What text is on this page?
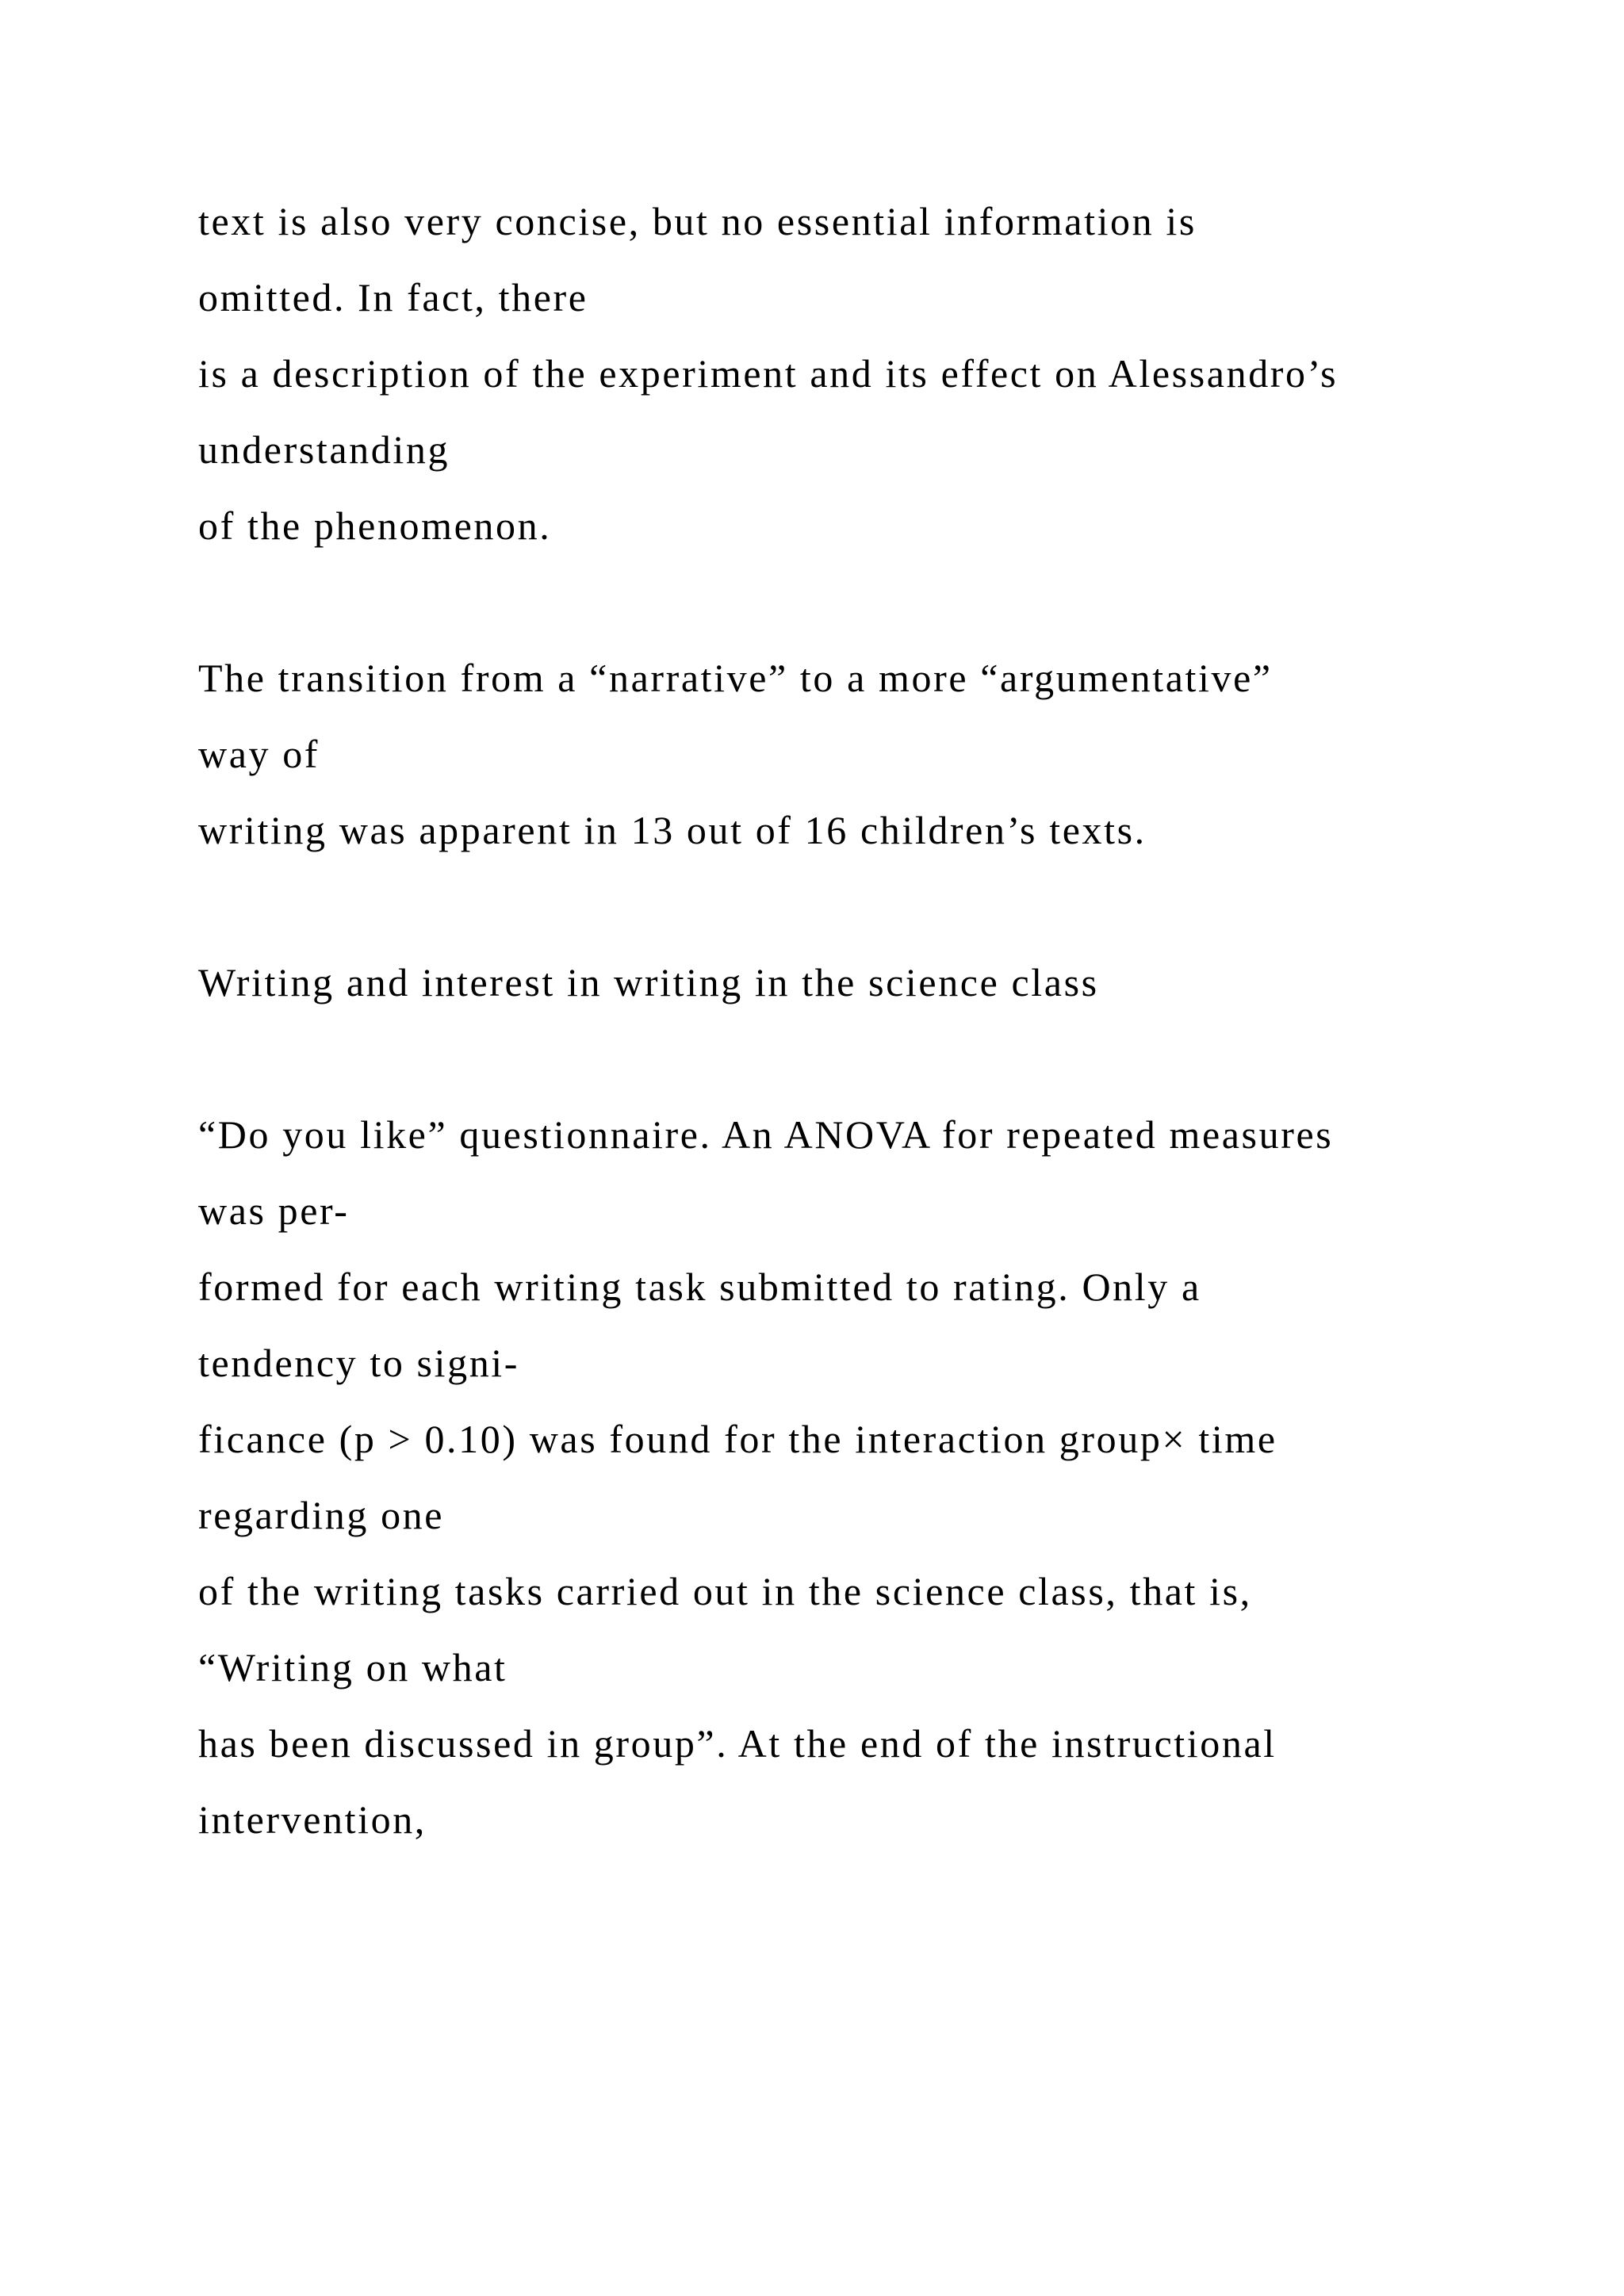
text is also very concise, but no essential information is

omitted. In fact, there

is a description of the experiment and its effect on Alessandro’s

understanding

of the phenomenon.

The transition from a “narrative” to a more “argumentative”

way of

writing was apparent in 13 out of 16 children’s texts.

Writing and interest in writing in the science class

“Do you like” questionnaire. An ANOVA for repeated measures

was per-

formed for each writing task submitted to rating. Only a

tendency to signi-

ficance (p > 0.10) was found for the interaction group× time

regarding one

of the writing tasks carried out in the science class, that is,

“Writing on what

has been discussed in group”. At the end of the instructional

intervention,
